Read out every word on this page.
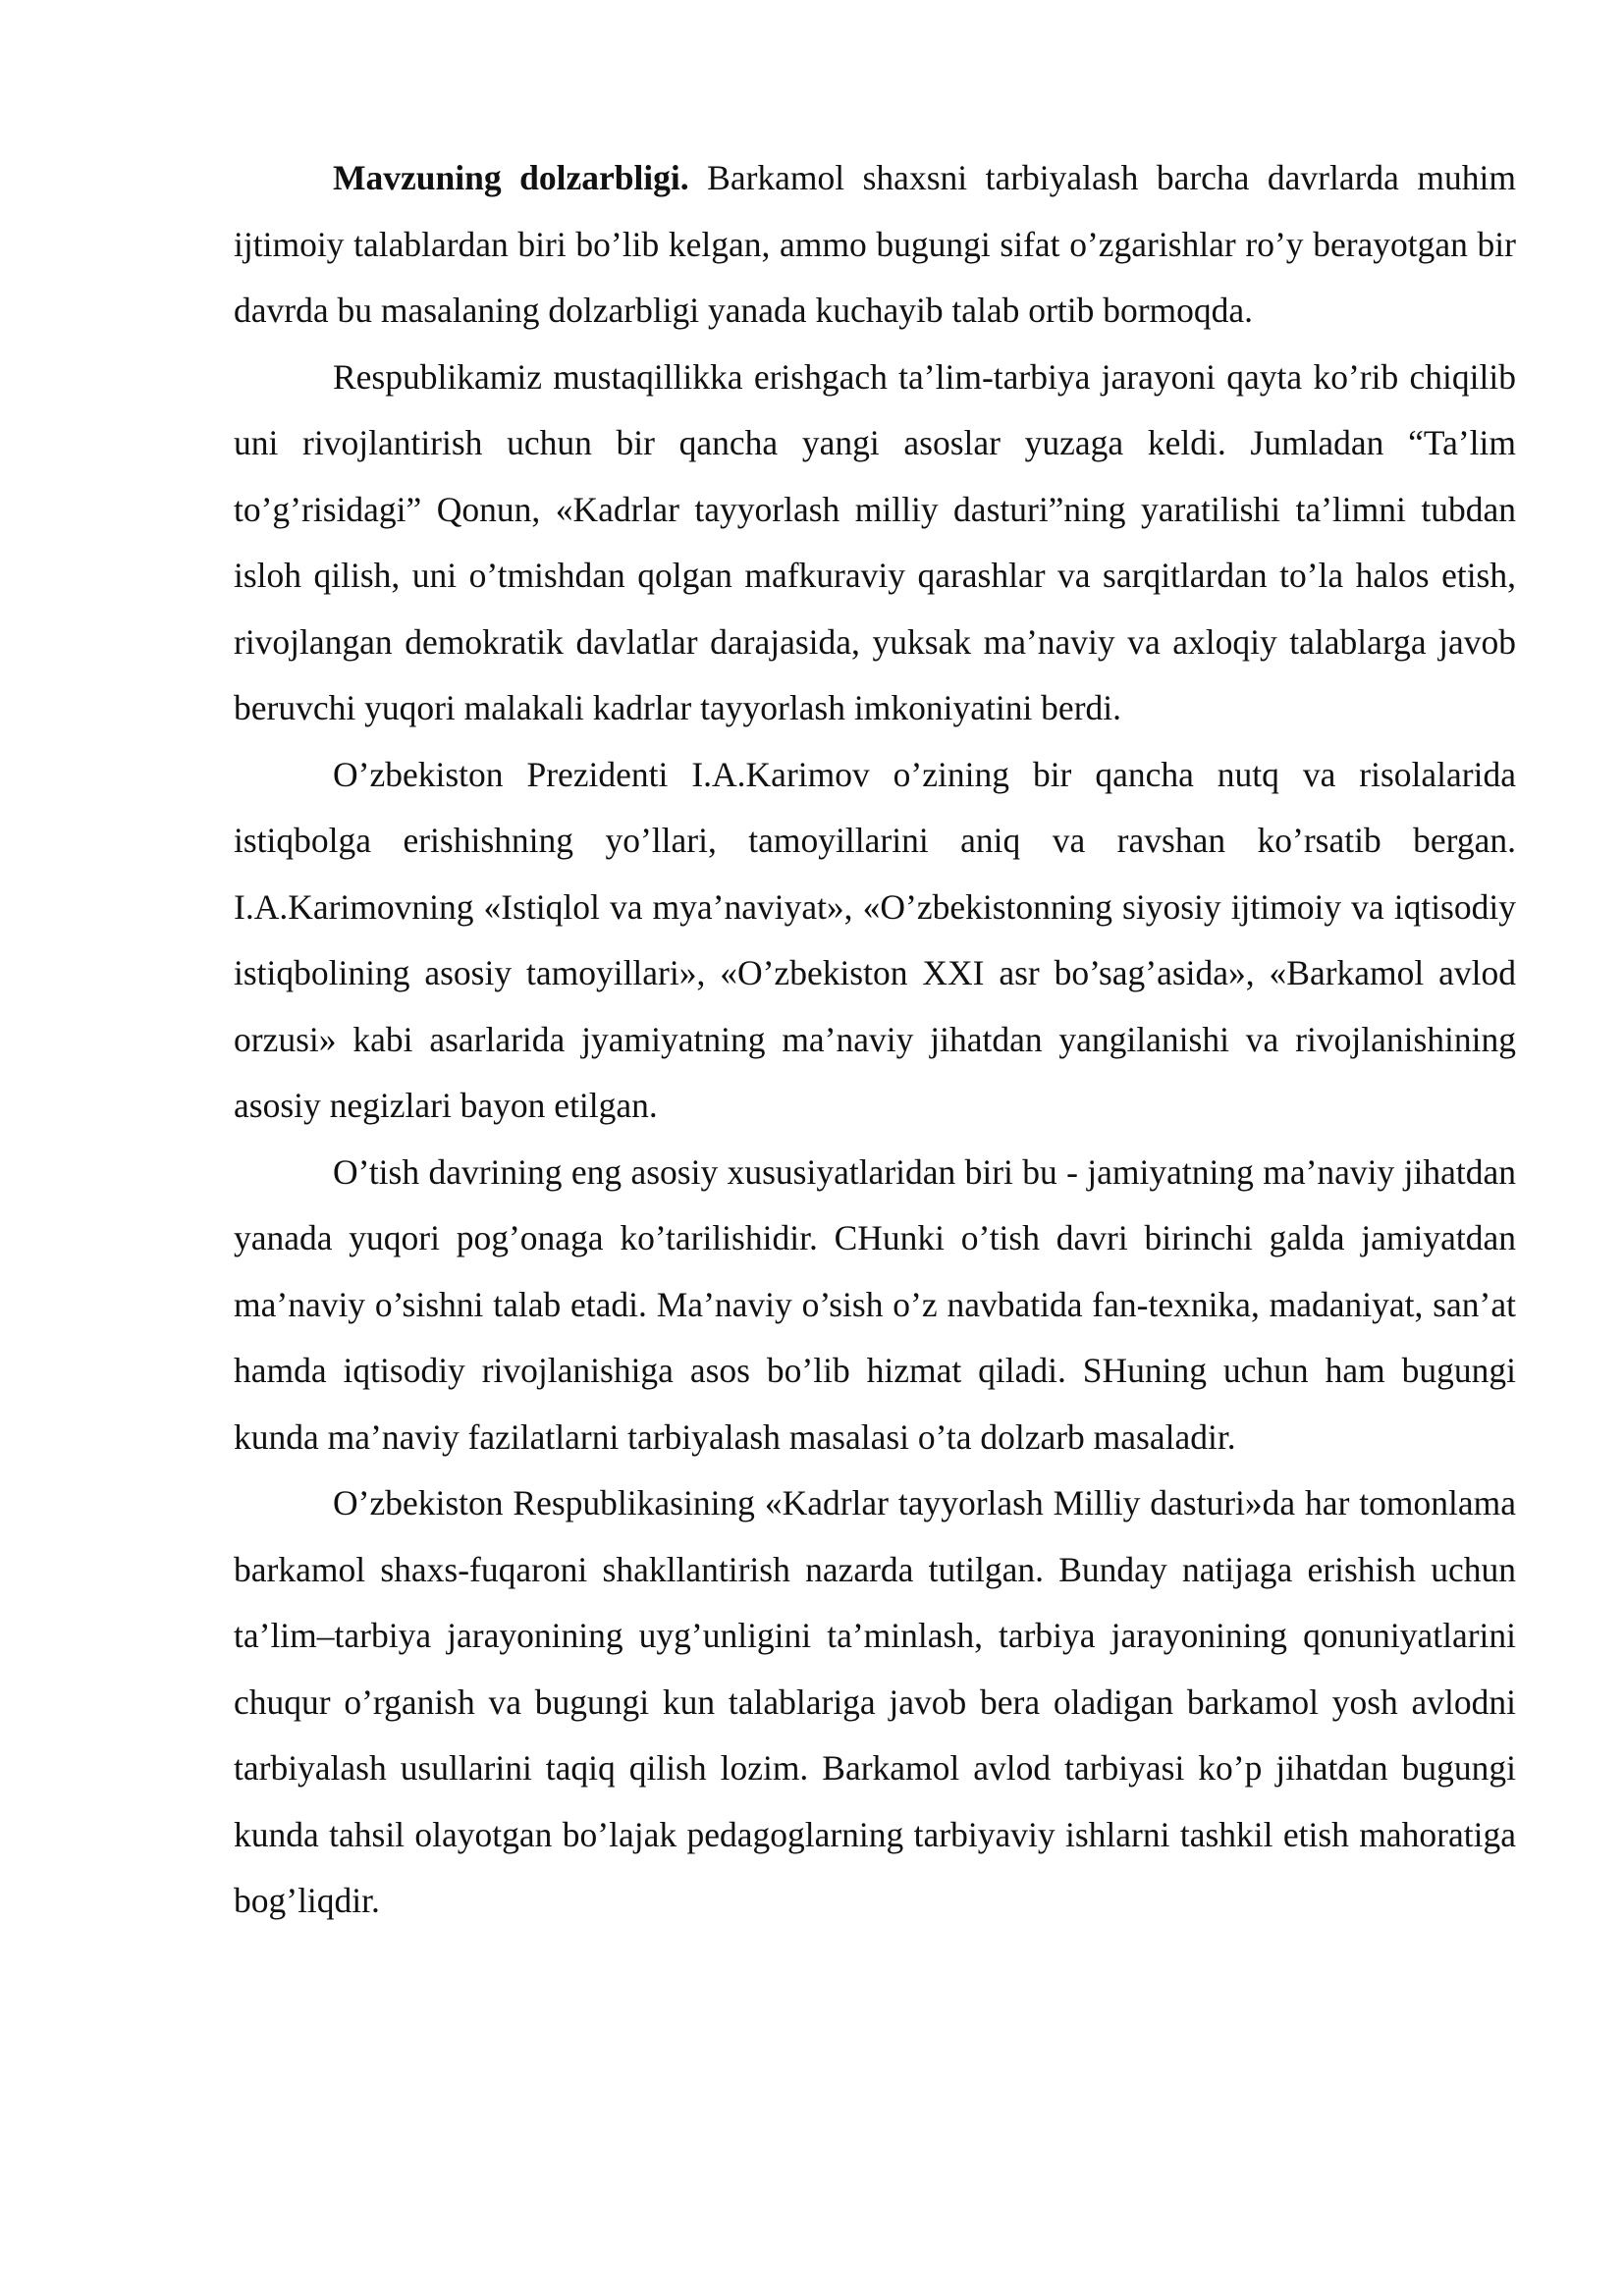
Mavzuning dolzarbligi. Barkamol shaxsni tarbiyalash barcha davrlarda muhim ijtimoiy talablardan biri bo’lib kelgan, ammo bugungi sifat o’zgarishlar ro’y berayotgan bir davrda bu masalaning dolzarbligi yanada kuchayib talab ortib bormoqda.

Respublikamiz mustaqillikka erishgach ta’lim-tarbiya jarayoni qayta ko’rib chiqilib uni rivojlantirish uchun bir qancha yangi asoslar yuzaga keldi. Jumladan “Ta’lim to’g’risidagi” Qonun, «Kadrlar tayyorlash milliy dasturi”ning yaratilishi ta’limni tubdan isloh qilish, uni o’tmishdan qolgan mafkuraviy qarashlar va sarqitlardan to’la halos etish, rivojlangan demokratik davlatlar darajasida, yuksak ma’naviy va axloqiy talablarga javob beruvchi yuqori malakali kadrlar tayyorlash imkoniyatini berdi.

O’zbekiston Prezidenti I.A.Karimov o’zining bir qancha nutq va risolalarida istiqbolga erishishning yo’llari, tamoyillarini aniq va ravshan ko’rsatib bergan. I.A.Karimovning «Istiqlol va mya’naviyat», «O’zbekistonning siyosiy ijtimoiy va iqtisodiy istiqbolining asosiy tamoyillari», «O’zbekiston XXI asr bo’sag’asida», «Barkamol avlod orzusi» kabi asarlarida jyamiyatning ma’naviy jihatdan yangilanishi va rivojlanishining asosiy negizlari bayon etilgan.

O’tish davrining eng asosiy xususiyatlaridan biri bu - jamiyatning ma’naviy jihatdan yanada yuqori pog’onaga ko’tarilishidir. CHunki o’tish davri birinchi galda jamiyatdan ma’naviy o’sishni talab etadi. Ma’naviy o’sish o’z navbatida fan-texnika, madaniyat, san’at hamda iqtisodiy rivojlanishiga asos bo’lib hizmat qiladi. SHuning uchun ham bugungi kunda ma’naviy fazilatlarni tarbiyalash masalasi o’ta dolzarb masaladir.

O’zbekiston Respublikasining «Kadrlar tayyorlash Milliy dasturi»da har tomonlama barkamol shaxs-fuqaroni shakllantirish nazarda tutilgan. Bunday natijaga erishish uchun ta’lim–tarbiya jarayonining uyg’unligini ta’minlash, tarbiya jarayonining qonuniyatlarini chuqur o’rganish va bugungi kun talablariga javob bera oladigan barkamol yosh avlodni tarbiyalash usullarini taqiq qilish lozim. Barkamol avlod tarbiyasi ko’p jihatdan bugungi kunda tahsil olayotgan bo’lajak pedagoglarning tarbiyaviy ishlarni tashkil etish mahoratiga bog’liqdir.
